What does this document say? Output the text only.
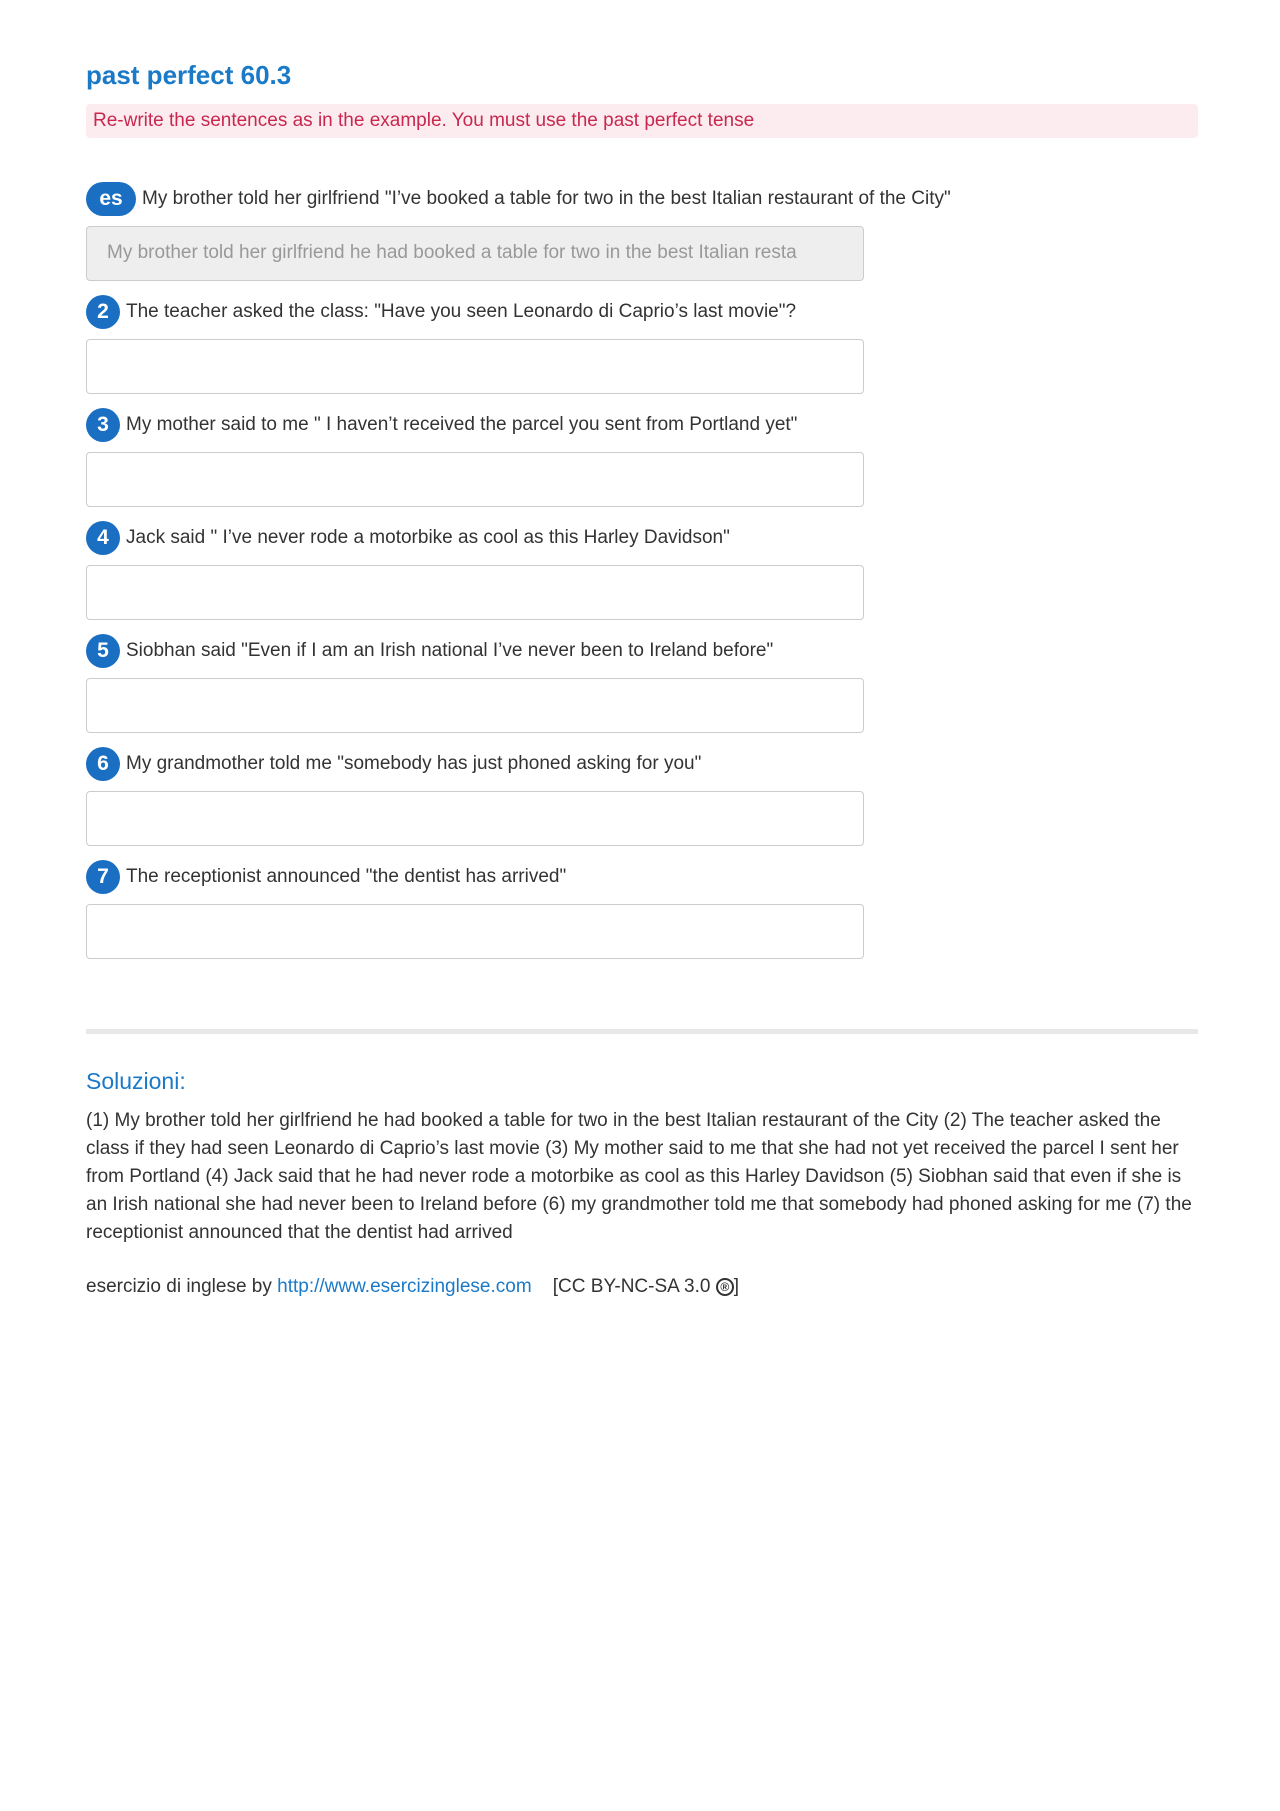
past perfect 60.3
Re-write the sentences as in the example. You must use the past perfect tense
es	My brother told her girlfriend "I’ve booked a table for two in the best Italian restaurant of the City"
My brother told her girlfriend he had booked a table for two in the best Italian resta
2 The teacher asked the class: "Have you seen Leonardo di Caprio’s last movie"?
3 My mother said to me " I haven’t received the parcel you sent from Portland yet"
4 Jack said " I’ve never rode a motorbike as cool as this Harley Davidson"
5 Siobhan said "Even if I am an Irish national I’ve never been to Ireland before"
6 My grandmother told me "somebody has just phoned asking for you"
7 The receptionist announced "the dentist has arrived"
Soluzioni:
(1) My brother told her girlfriend he had booked a table for two in the best Italian restaurant of the City (2) The teacher asked the class if they had seen Leonardo di Caprio’s last movie (3) My mother said to me that she had not yet received the parcel I sent her from Portland (4) Jack said that he had never rode a motorbike as cool as this Harley Davidson (5) Siobhan said that even if she is an Irish national she had never been to Ireland before (6) my grandmother told me that somebody had phoned asking for me (7) the receptionist announced that the dentist had arrived
esercizio di inglese by http://www.esercizinglese.com [CC BY-NC-SA 3.0 ® ]
